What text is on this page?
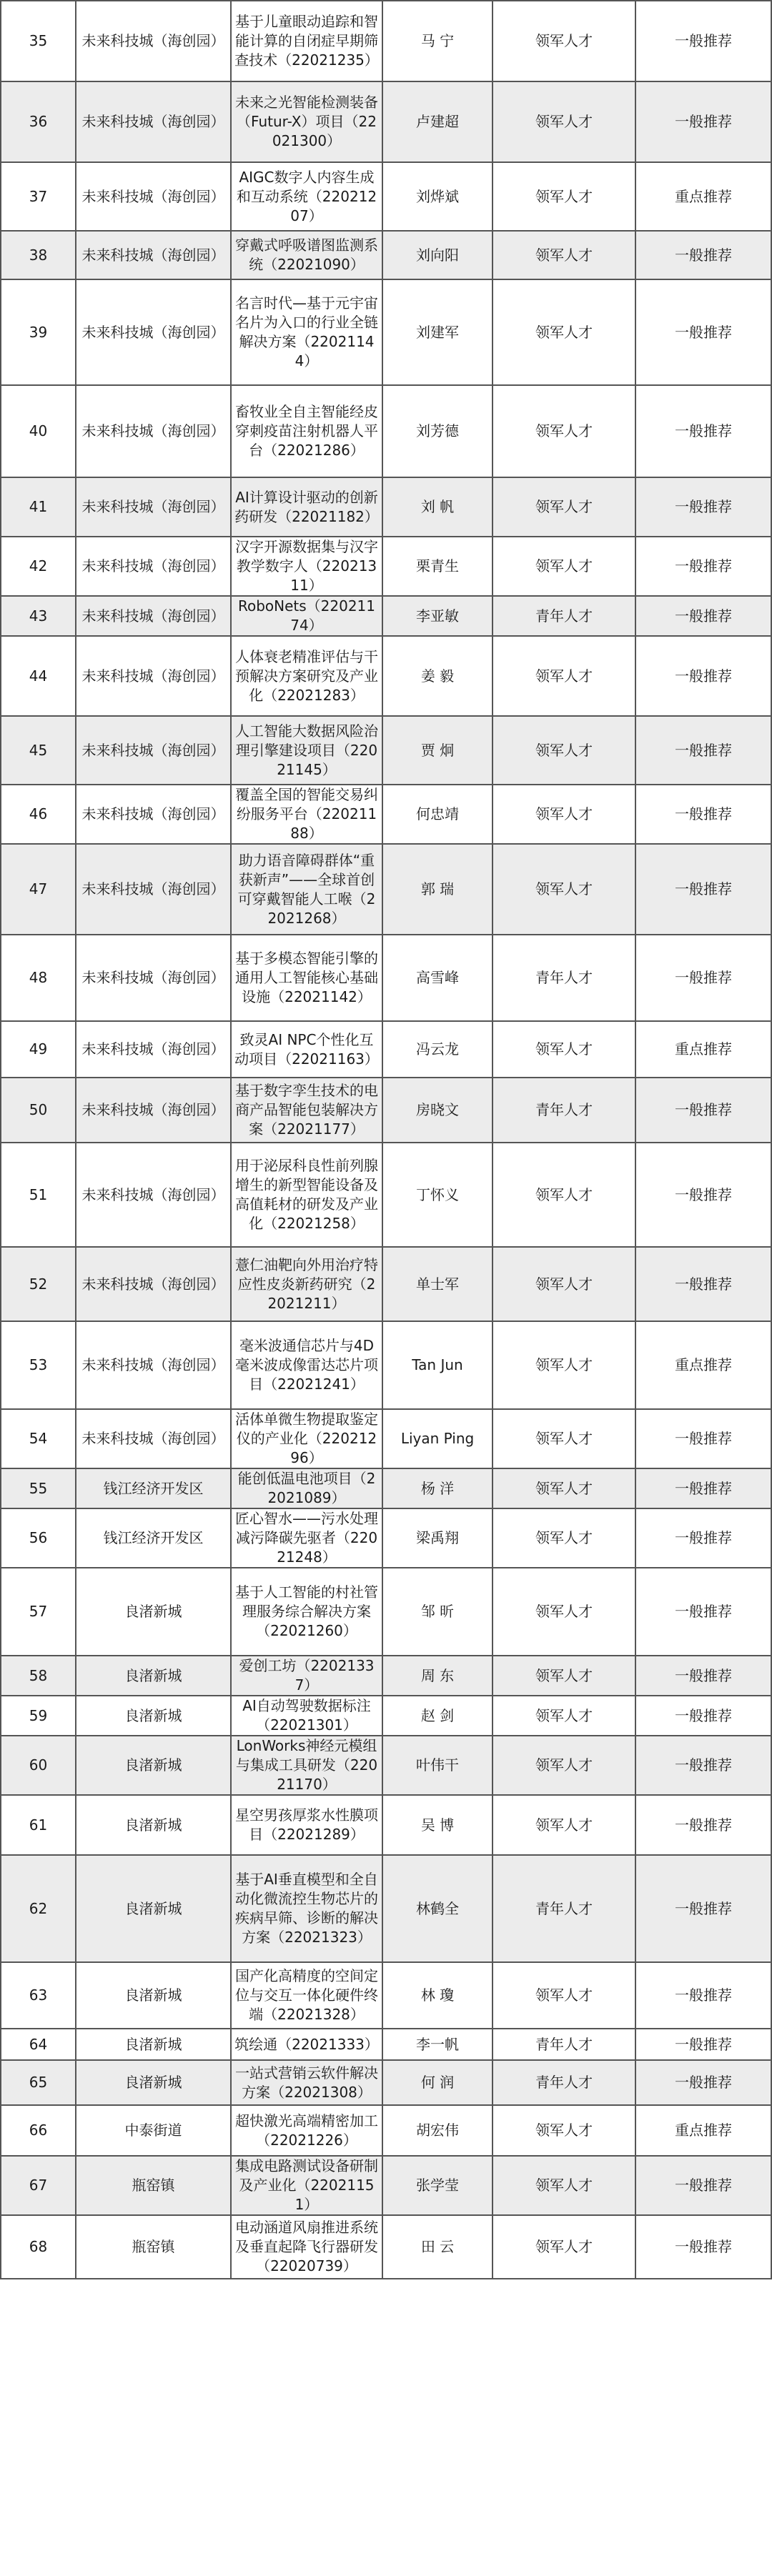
35	未来科技城（海创园）	基于儿童眼动追踪和智能计算的自闭症早期筛查技术（22021235）	马 宁	领军人才	一般推荐
36	未来科技城（海创园）	未来之光智能检测装备（Futur-X）项目（22021300）	卢建超	领军人才	一般推荐
37	未来科技城（海创园）	AIGC数字人内容生成和互动系统（22021207）	刘烨斌	领军人才	重点推荐
38	未来科技城（海创园）	穿戴式呼吸谱图监测系统（22021090）	刘向阳	领军人才	一般推荐
39	未来科技城（海创园）	名言时代—基于元宇宙名片为入口的行业全链解决方案（22021144）	刘建军	领军人才	一般推荐
40	未来科技城（海创园）	畜牧业全自主智能经皮穿刺疫苗注射机器人平台（22021286）	刘芳德	领军人才	一般推荐
41	未来科技城（海创园）	AI计算设计驱动的创新药研发（22021182）	刘 帆	领军人才	一般推荐
42	未来科技城（海创园）	汉字开源数据集与汉字教学数字人（22021311）	栗青生	领军人才	一般推荐
43	未来科技城（海创园）	RoboNets（22021174）	李亚敏	青年人才	一般推荐
44	未来科技城（海创园）	人体衰老精准评估与干预解决方案研究及产业化（22021283）	姜 毅	领军人才	一般推荐
45	未来科技城（海创园）	人工智能大数据风险治理引擎建设项目（22021145）	贾 炯	领军人才	一般推荐
46	未来科技城（海创园）	覆盖全国的智能交易纠纷服务平台（22021188）	何忠靖	领军人才	一般推荐
47	未来科技城（海创园）	助力语音障碍群体“重获新声”——全球首创可穿戴智能人工喉（22021268）	郭 瑞	领军人才	一般推荐
48	未来科技城（海创园）	基于多模态智能引擎的通用人工智能核心基础设施（22021142）	高雪峰	青年人才	一般推荐
49	未来科技城（海创园）	致灵AI NPC个性化互动项目（22021163）	冯云龙	领军人才	重点推荐
50	未来科技城（海创园）	基于数字孪生技术的电商产品智能包装解决方案（22021177）	房晓文	青年人才	一般推荐
51	未来科技城（海创园）	用于泌尿科良性前列腺增生的新型智能设备及高值耗材的研发及产业化（22021258）	丁怀义	领军人才	一般推荐
52	未来科技城（海创园）	薏仁油靶向外用治疗特应性皮炎新药研究（22021211）	单士军	领军人才	一般推荐
53	未来科技城（海创园）	毫米波通信芯片与4D毫米波成像雷达芯片项目（22021241）	Tan Jun	领军人才	重点推荐
54	未来科技城（海创园）	活体单微生物提取鉴定仪的产业化（22021296）	Liyan Ping	领军人才	一般推荐
55	钱江经济开发区	能创低温电池项目（22021089）	杨 洋	领军人才	一般推荐
56	钱江经济开发区	匠心智水——污水处理减污降碳先驱者（22021248）	梁禹翔	领军人才	一般推荐
57	良渚新城	基于人工智能的村社管理服务综合解决方案（22021260）	邹 昕	领军人才	一般推荐
58	良渚新城	爱创工坊（22021337）	周 东	领军人才	一般推荐
59	良渚新城	AI自动驾驶数据标注（22021301）	赵 剑	领军人才	一般推荐
60	良渚新城	LonWorks神经元模组与集成工具研发（22021170）	叶伟干	领军人才	一般推荐
61	良渚新城	星空男孩厚浆水性膜项目（22021289）	吴 博	领军人才	一般推荐
62	良渚新城	基于AI垂直模型和全自动化微流控生物芯片的疾病早筛、诊断的解决方案（22021323）	林鹤全	青年人才	一般推荐
63	良渚新城	国产化高精度的空间定位与交互一体化硬件终端（22021328）	林 瓊	领军人才	一般推荐
64	良渚新城	筑绘通（22021333）	李一帆	青年人才	一般推荐
65	良渚新城	一站式营销云软件解决方案（22021308）	何 润	青年人才	一般推荐
66	中泰街道	超快激光高端精密加工（22021226）	胡宏伟	领军人才	重点推荐
67	瓶窑镇	集成电路测试设备研制及产业化（22021151）	张学莹	领军人才	一般推荐
68	瓶窑镇	电动涵道风扇推进系统及垂直起降飞行器研发（22020739）	田 云	领军人才	一般推荐
